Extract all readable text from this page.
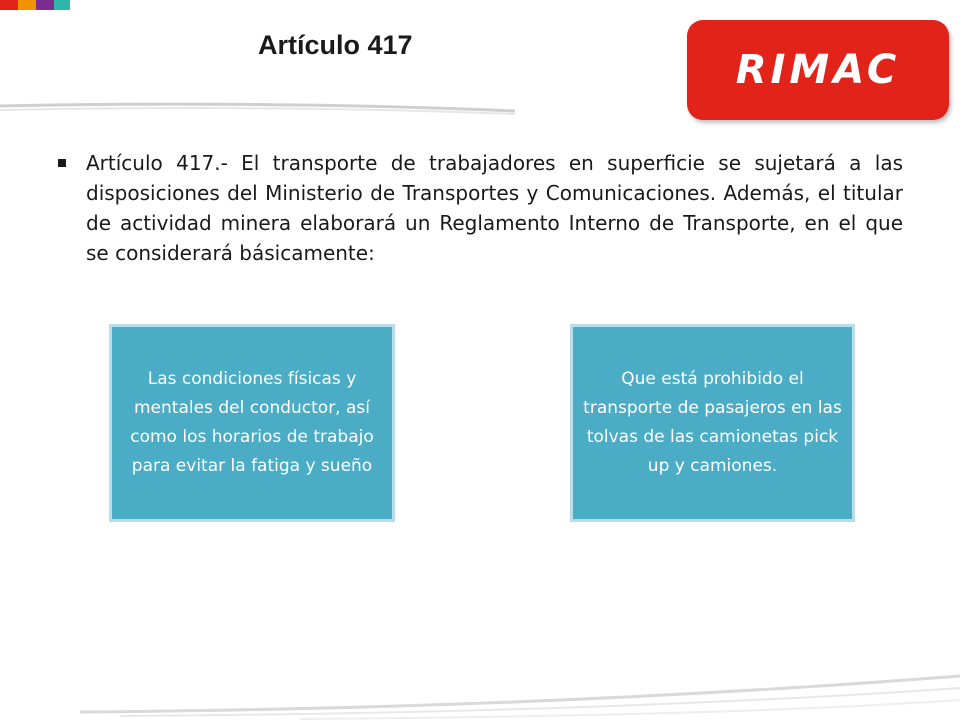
Artículo 417
RIMAC
Artículo 417.- El transporte de trabajadores en superficie se sujetará a las disposiciones del Ministerio de Transportes y Comunicaciones. Además, el titular de actividad minera elaborará un Reglamento Interno de Transporte, en el que se considerará básicamente:
Las condiciones físicas y mentales del conductor, así como los horarios de trabajo para evitar la fatiga y sueño
Que está prohibido el transporte de pasajeros en las tolvas de las camionetas pick up y camiones.
